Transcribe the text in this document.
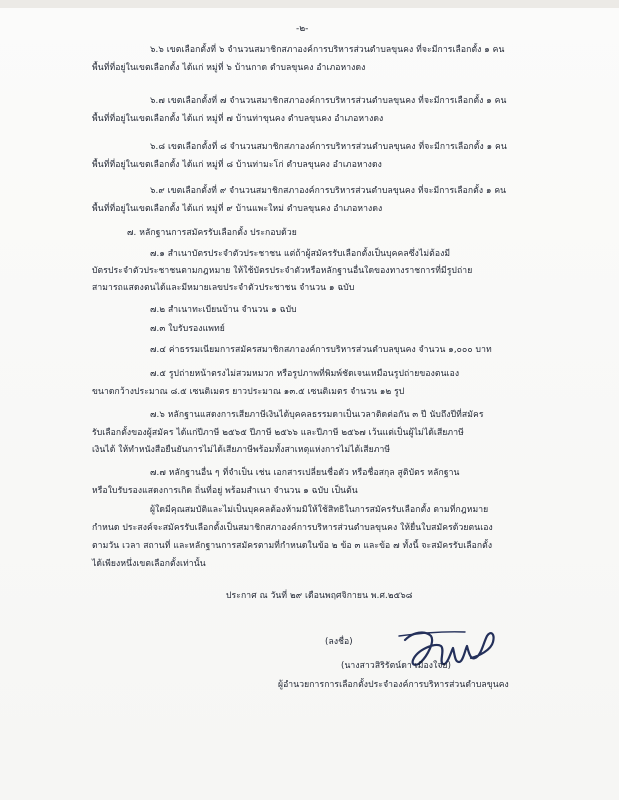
-๒-
๖.๖ เขตเลือกตั้งที่ ๖ จำนวนสมาชิกสภาองค์การบริหารส่วนตำบลขุนคง ที่จะมีการเลือกตั้ง ๑ คน
พื้นที่ที่อยู่ในเขตเลือกตั้ง ได้แก่ หมู่ที่ ๖ บ้านกาด ตำบลขุนคง อำเภอหางดง
๖.๗ เขตเลือกตั้งที่ ๗ จำนวนสมาชิกสภาองค์การบริหารส่วนตำบลขุนคง ที่จะมีการเลือกตั้ง ๑ คน
พื้นที่ที่อยู่ในเขตเลือกตั้ง ได้แก่ หมู่ที่ ๗ บ้านท่าขุนคง ตำบลขุนคง อำเภอหางดง
๖.๘ เขตเลือกตั้งที่ ๘ จำนวนสมาชิกสภาองค์การบริหารส่วนตำบลขุนคง ที่จะมีการเลือกตั้ง ๑ คน
พื้นที่ที่อยู่ในเขตเลือกตั้ง ได้แก่ หมู่ที่ ๘ บ้านท่ามะโก่ ตำบลขุนคง อำเภอหางดง
๖.๙ เขตเลือกตั้งที่ ๙ จำนวนสมาชิกสภาองค์การบริหารส่วนตำบลขุนคง ที่จะมีการเลือกตั้ง ๑ คน
พื้นที่ที่อยู่ในเขตเลือกตั้ง ได้แก่ หมู่ที่ ๙ บ้านแพะใหม่ ตำบลขุนคง อำเภอหางดง
๗. หลักฐานการสมัครรับเลือกตั้ง ประกอบด้วย
๗.๑ สำเนาบัตรประจำตัวประชาชน แต่ถ้าผู้สมัครรับเลือกตั้งเป็นบุคคลซึ่งไม่ต้องมี
บัตรประจำตัวประชาชนตามกฎหมาย ให้ใช้บัตรประจำตัวหรือหลักฐานอื่นใดของทางราชการที่มีรูปถ่าย
สามารถแสดงตนได้และมีหมายเลขประจำตัวประชาชน จำนวน ๑ ฉบับ
๗.๒ สำเนาทะเบียนบ้าน จำนวน ๑ ฉบับ
๗.๓ ใบรับรองแพทย์
๗.๔ ค่าธรรมเนียมการสมัครสมาชิกสภาองค์การบริหารส่วนตำบลขุนคง จำนวน ๑,๐๐๐ บาท
๗.๕ รูปถ่ายหน้าตรงไม่สวมหมวก หรือรูปภาพที่พิมพ์ชัดเจนเหมือนรูปถ่ายของตนเอง
ขนาดกว้างประมาณ ๘.๕ เซนติเมตร ยาวประมาณ ๑๓.๕ เซนติเมตร จำนวน ๑๒ รูป
๗.๖ หลักฐานแสดงการเสียภาษีเงินได้บุคคลธรรมดาเป็นเวลาติดต่อกัน ๓ ปี นับถึงปีที่สมัคร
รับเลือกตั้งของผู้สมัคร ได้แก่ปีภาษี ๒๕๖๕ ปีภาษี ๒๕๖๖ และปีภาษี ๒๕๖๗ เว้นแต่เป็นผู้ไม่ได้เสียภาษี
เงินได้ ให้ทำหนังสือยืนยันการไม่ได้เสียภาษีพร้อมทั้งสาเหตุแห่งการไม่ได้เสียภาษี
๗.๗ หลักฐานอื่น ๆ ที่จำเป็น เช่น เอกสารเปลี่ยนชื่อตัว หรือชื่อสกุล สูติบัตร หลักฐาน
หรือใบรับรองแสดงการเกิด ถิ่นที่อยู่ พร้อมสำเนา จำนวน ๑ ฉบับ เป็นต้น
ผู้ใดมีคุณสมบัติและไม่เป็นบุคคลต้องห้ามมิให้ใช้สิทธิในการสมัครรับเลือกตั้ง ตามที่กฎหมาย
กำหนด ประสงค์จะสมัครรับเลือกตั้งเป็นสมาชิกสภาองค์การบริหารส่วนตำบลขุนคง ให้ยื่นใบสมัครด้วยตนเอง
ตามวัน เวลา สถานที่ และหลักฐานการสมัครตามที่กำหนดในข้อ ๒ ข้อ ๓ และข้อ ๗ ทั้งนี้ จะสมัครรับเลือกตั้ง
ได้เพียงหนึ่งเขตเลือกตั้งเท่านั้น
ประกาศ ณ วันที่ ๒๙ เดือนพฤศจิกายน พ.ศ.๒๕๖๘
(ลงชื่อ)
(นางสาวสิริรัตน์ดา เมืองใจย)
ผู้อำนวยการการเลือกตั้งประจำองค์การบริหารส่วนตำบลขุนคง
